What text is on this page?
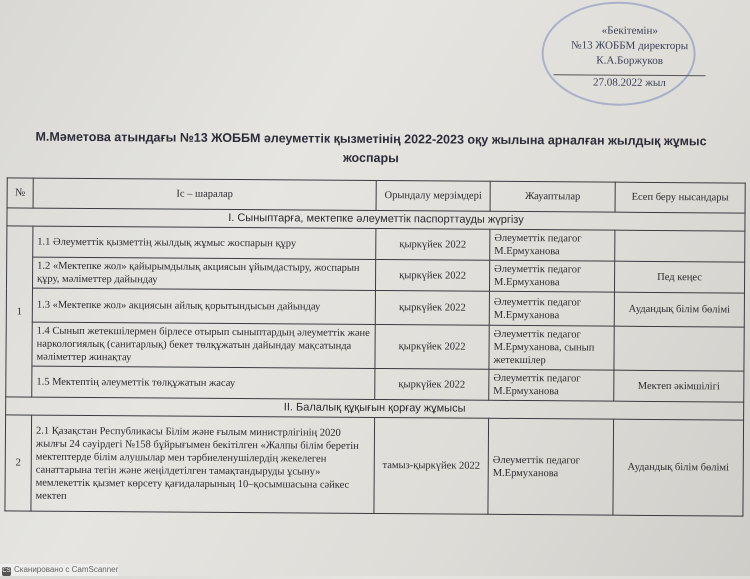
«Бекітемін»
№13 ЖОББМ директоры
К.А.Боржуков
27.08.2022 жыл
М.Мәметова атындағы №13 ЖОББМ әлеуметтік қызметінің 2022-2023 оқу жылына арналған жылдық жұмыс жоспары
№	Іс – шаралар	Орындалу мерзімдері	Жауаптылар	Есеп беру нысандары
І. Сыныптарға, мектепке әлеуметтік паспорттауды жүргізу				
1	1.1 Әлеуметтік қызметтің жылдық жұмыс жоспарын құру	қыркүйек 2022	Әлеуметтік педагог М.Ермуханова	
	1.2 «Мектепке жол» қайырымдылық акциясын ұйымдастыру, жоспарын құру, мәліметтер дайындау	қыркүйек 2022	Әлеуметтік педагог М.Ермуханова	Пед кеңес
	1.3 «Мектепке жол» акциясын айлық қорытындысын дайындау	қыркүйек 2022	Әлеуметтік педагог М.Ермуханова	Аудандық білім бөлімі
	1.4 Сынып жетекшілермен бірлесе отырып сыныптардың әлеуметтік және наркологиялық (санитарлық) бекет төлқұжатын дайындау мақсатында мәліметтер жинақтау	қыркүйек 2022	Әлеуметтік педагог М.Ермуханова, сынып жетекшілер	
	1.5 Мектептің әлеуметтік төлқұжатын жасау	қыркүйек 2022	Әлеуметтік педагог М.Ермуханова	Мектеп әкімшілігі
ІІ. Балалық құқығын қорғау жұмысы				
2	2.1 Қазақстан Республикасы Білім және ғылым министрлігінің 2020 жылғы 24 сәуірдегі №158 бұйрығымен бекітілген «Жалпы білім беретін мектептерде білім алушылар мен тәрбиеленушілердің жекелеген санаттарына тегін және жеңілдетілген тамақтандыруды ұсыну» мемлекеттік қызмет көрсету қағидаларының 10–қосымшасына сәйкес мектеп	тамыз-қыркүйек 2022	Әлеуметтік педагог М.Ермуханова	Аудандық білім бөлімі
CS Сканировано с CamScanner
